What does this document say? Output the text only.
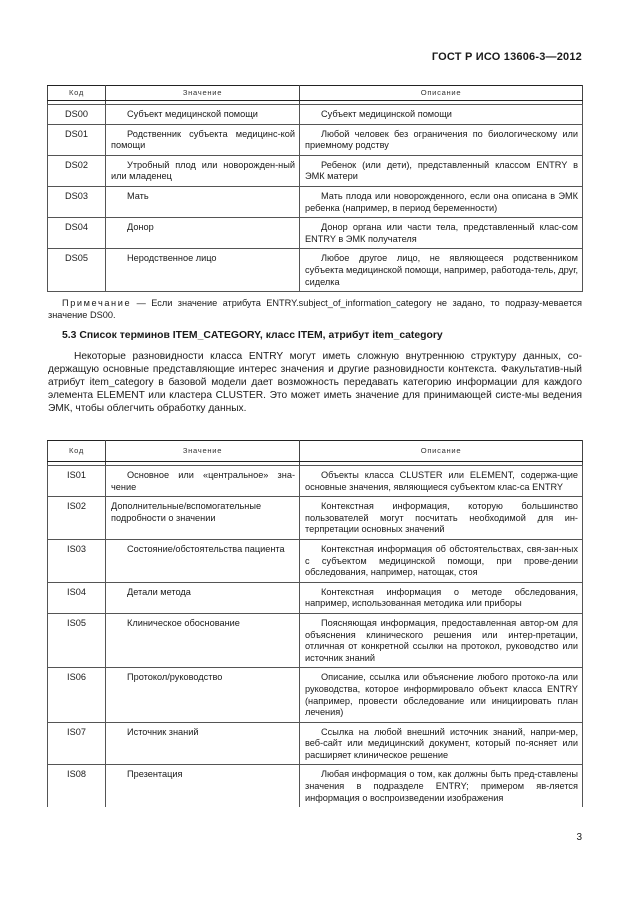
ГОСТ Р ИСО 13606-3—2012
Код	Значение	Описание

DS00	Субъект медицинской помощи	Субъект медицинской помощи
DS01	Родственник субъекта медицинс-кой помощи	Любой человек без ограничения по биологическому или приемному родству
DS02	Утробный плод или новорожден-ный или младенец	Ребенок (или дети), представленный классом ENTRY в ЭМК матери
DS03	Мать	Мать плода или новорожденного, если она описана в ЭМК ребенка (например, в период беременности)
DS04	Донор	Донор органа или части тела, представленный клас-сом ENTRY в ЭМК получателя
DS05	Неродственное лицо	Любое другое лицо, не являющееся родственником субъекта медицинской помощи, например, работода-тель, друг, сиделка
Примечание — Если значение атрибута ENTRY.subject_of_information_category не задано, то подразу-мевается значение DS00.
5.3 Список терминов ITEM_CATEGORY, класс ITEM, атрибут item_category
Некоторые разновидности класса ENTRY могут иметь сложную внутреннюю структуру данных, со-держащую основные представляющие интерес значения и другие разновидности контекста. Факультатив-ный атрибут item_category в базовой модели дает возможность передавать категорию информации для каждого элемента ELEMENT или кластера CLUSTER. Это может иметь значение для принимающей систе-мы ведения ЭМК, чтобы облегчить обработку данных.
Код	Значение	Описание

IS01	Основное или «центральное» зна-чение	Объекты класса CLUSTER или ELEMENT, содержа-щие основные значения, являющиеся субъектом клас-са ENTRY
IS02	Дополнительные/вспомогательные подробности о значении	Контекстная информация, которую большинство пользователей могут посчитать необходимой для ин-терпретации основных значений
IS03	Состояние/обстоятельства пациента	Контекстная информация об обстоятельствах, свя-зан-ных с субъектом медицинской помощи, при прове-дении обследования, например, натощак, стоя
IS04	Детали метода	Контекстная информация о методе обследования, например, использованная методика или приборы
IS05	Клиническое обоснование	Поясняющая информация, предоставленная автор-ом для объяснения клинического решения или интер-претации, отличная от конкретной ссылки на протокол, руководство или источник знаний
IS06	Протокол/руководство	Описание, ссылка или объяснение любого протоко-ла или руководства, которое информировало объект класса ENTRY (например, провести обследование или инициировать план лечения)
IS07	Источник знаний	Ссылка на любой внешний источник знаний, напри-мер, веб-сайт или медицинский документ, который по-ясняет или расширяет клиническое решение
IS08	Презентация	Любая информация о том, как должны быть пред-ставлены значения в подразделе ENTRY; примером яв-ляется информация о воспроизведении изображения
3
